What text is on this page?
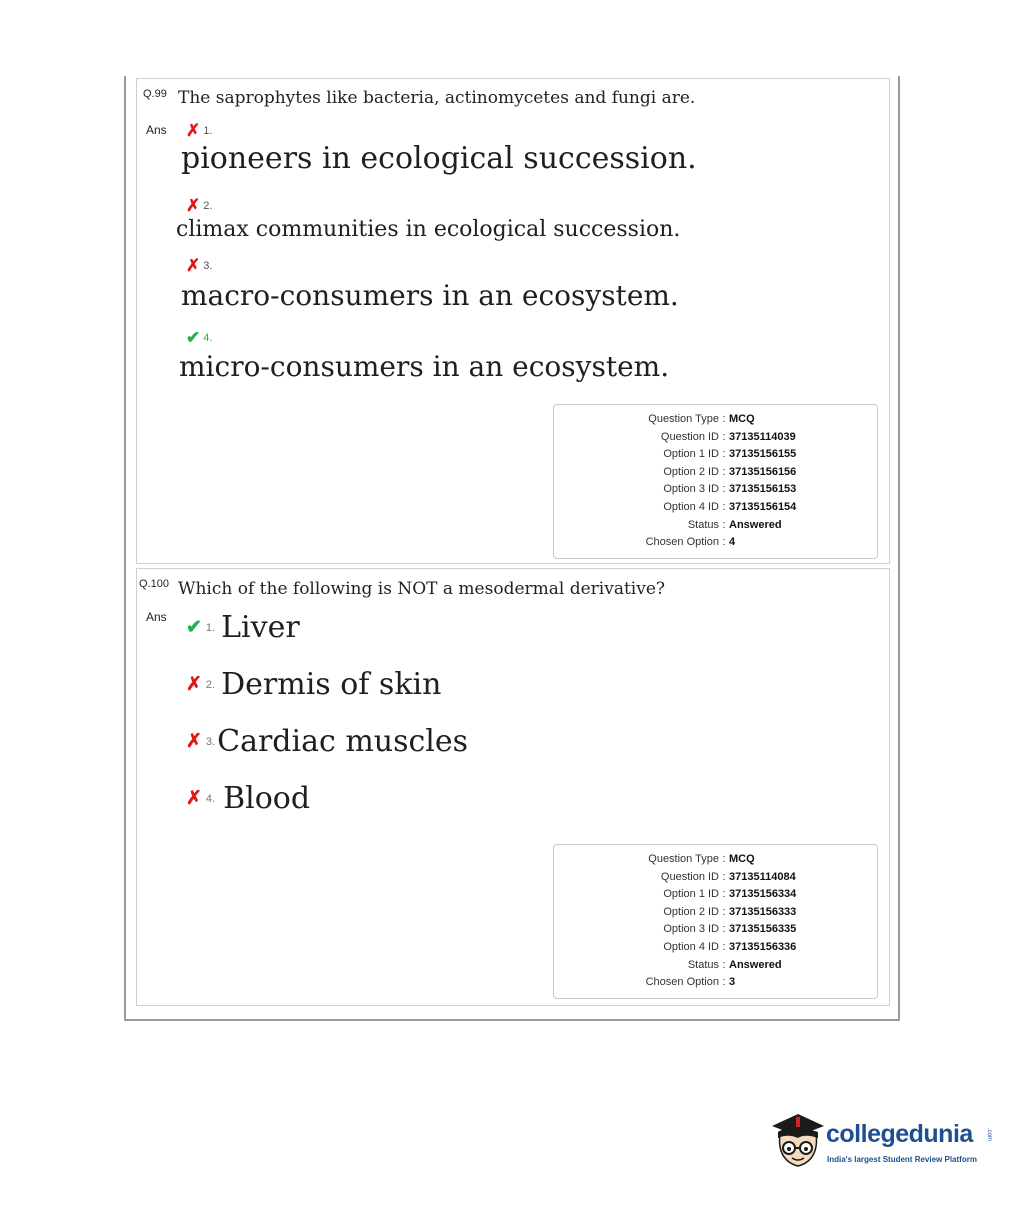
Q.99 The saprophytes like bacteria, actinomycetes and fungi are.
Ans ✗ 1.
pioneers in ecological succession.
✗ 2.
climax communities in ecological succession.
✗ 3.
macro-consumers in an ecosystem.
✔ 4.
micro-consumers in an ecosystem.
Question Type : MCQ
Question ID : 37135114039
Option 1 ID : 37135156155
Option 2 ID : 37135156156
Option 3 ID : 37135156153
Option 4 ID : 37135156154
Status : Answered
Chosen Option : 4
Q.100 Which of the following is NOT a mesodermal derivative?
Ans ✔ 1. Liver
✗ 2. Dermis of skin
✗ 3. Cardiac muscles
✗ 4. Blood
Question Type : MCQ
Question ID : 37135114084
Option 1 ID : 37135156334
Option 2 ID : 37135156333
Option 3 ID : 37135156335
Option 4 ID : 37135156336
Status : Answered
Chosen Option : 3
collegedunia .com
India's largest Student Review Platform
